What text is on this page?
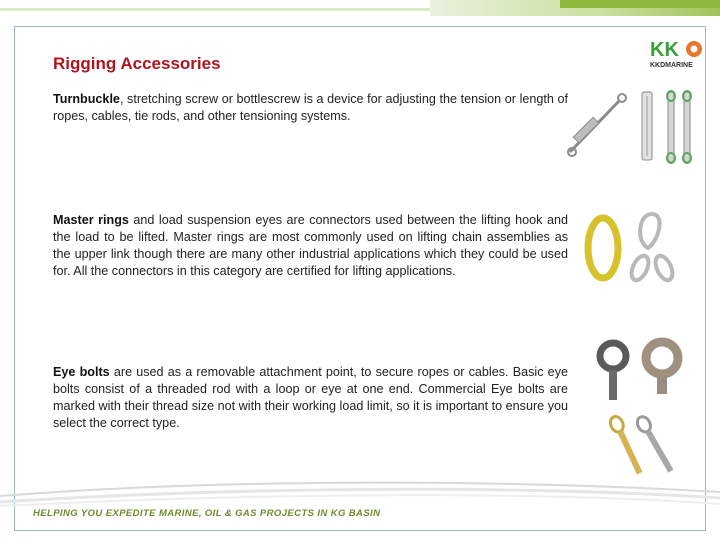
Rigging Accessories
KK
KKDMARINE
Turnbuckle, stretching screw or bottlescrew is a device for adjusting the tension or length of ropes, cables, tie rods, and other tensioning systems.
Master rings and load suspension eyes are connectors used between the lifting hook and the load to be lifted. Master rings are most commonly used on lifting chain assemblies as the upper link though there are many other industrial applications which they could be used for. All the connectors in this category are certified for lifting applications.
Eye bolts are used as a removable attachment point, to secure ropes or cables. Basic eye bolts consist of a threaded rod with a loop or eye at one end. Commercial Eye bolts are marked with their thread size not with their working load limit, so it is important to ensure you select the correct type.
HELPING YOU EXPEDITE MARINE, OIL & GAS PROJECTS IN KG BASIN
